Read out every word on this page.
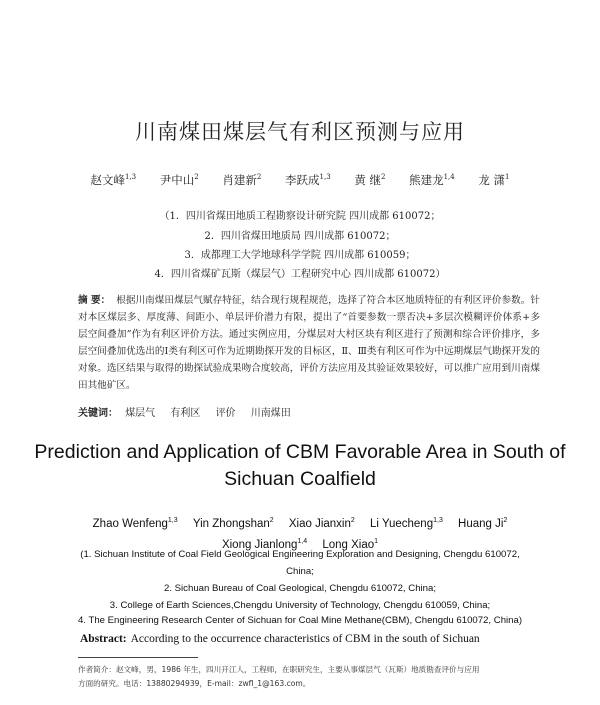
川南煤田煤层气有利区预测与应用
赵文峰$^{1,3}$ 尹中山$^2$ 肖建新$^2$ 李跃成$^{1,3}$ 黄 继$^2$ 熊建龙$^{1,4}$ 龙 潇$^1$
（1．四川省煤田地质工程勘察设计研究院 四川成都 610072；
2．四川省煤田地质局 四川成都 610072；
3．成都理工大学地球科学学院 四川成都 610059；
4．四川省煤矿瓦斯（煤层气）工程研究中心 四川成都 610072）
摘 要： 根据川南煤田煤层气赋存特征，结合现行规程规范，选择了符合本区地质特征的有利区评价参数。针对本区煤层多、厚度薄、间距小、单层评价潜力有限，提出了“首要参数一票否决+多层次模糊评价体系+多层空间叠加”作为有利区评价方法。通过实例应用，分煤层对大村区块有利区进行了预测和综合评价排序，多层空间叠加优选出的Ⅰ类有利区可作为近期勘探开发的目标区，Ⅱ、Ⅲ类有利区可作为中远期煤层气勘探开发的对象。选区结果与取得的勘探试验成果吻合度较高，评价方法应用及其验证效果较好，可以推广应用到川南煤田其他矿区。
关键词： 煤层气 有利区 评价 川南煤田
Prediction and Application of CBM Favorable Area in South of Sichuan Coalfield
Zhao Wenfeng$^{1,3}$ Yin Zhongshan$^2$ Xiao Jianxin$^2$ Li Yuecheng$^{1,3}$ Huang Ji$^2$ Xiong Jianlong$^{1,4}$ Long Xiao$^1$
(1. Sichuan Institute of Coal Field Geological Engineering Exploration and Designing, Chengdu 610072,
China;
2. Sichuan Bureau of Coal Geological, Chengdu 610072, China;
3. College of Earth Sciences,Chengdu University of Technology, Chengdu 610059, China;
4. The Engineering Research Center of Sichuan for Coal Mine Methane(CBM), Chengdu 610072, China)
Abstract: According to the occurrence characteristics of CBM in the south of Sichuan
作者简介：赵文峰，男，1986 年生，四川开江人，工程师，在职研究生，主要从事煤层气（瓦斯）地质勘查评价与应用
方面的研究。电话：13880294939，E-mail：zwfl_1@163.com。
